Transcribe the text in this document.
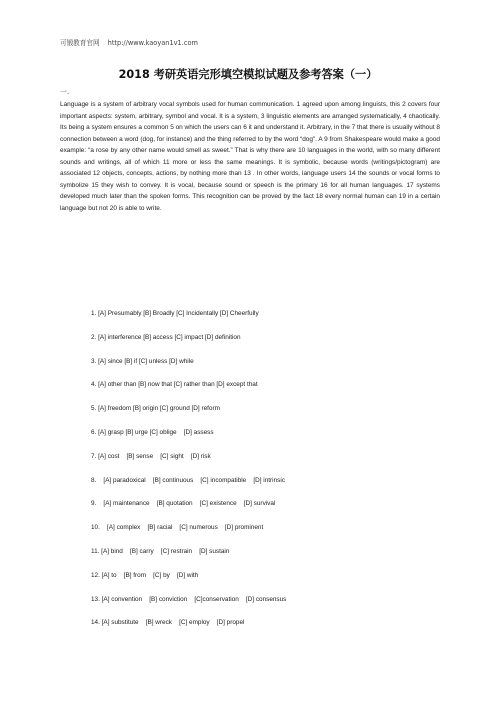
可锻教育官网 http://www.kaoyan1v1.com
2018 考研英语完形填空模拟试题及参考答案（一）
一.

Language is a system of arbitrary vocal symbols used for human communication. 1 agreed upon among linguists, this 2 covers four important aspects: system, arbitrary, symbol and vocal. It is a system, 3 linguistic elements are arranged systematically, 4 chaotically. Its being a system ensures a common 5 on which the users can 6 it and understand it. Arbitrary, in the 7 that there is usually without 8 connection between a word (dog, for instance) and the thing referred to by the word “dog”. A 9 from Shakespeare would make a good example: “a rose by any other name would smell as sweet.” That is why there are 10 languages in the world, with so many different sounds and writings, all of which 11 more or less the same meanings. It is symbolic, because words (writings/pictogram) are associated 12 objects, concepts, actions, by nothing more than 13 . In other words, language users 14 the sounds or vocal forms to symbolize 15 they wish to convey. It is vocal, because sound or speech is the primary 16 for all human languages. 17 systems developed much later than the spoken forms. This recognition can be proved by the fact 18 every normal human can 19 in a certain language but not 20 is able to write.

1. [A] Presumably [B] Broadly [C] Incidentally [D] Cheerfully
2. [A] interference [B] access [C] impact [D] definition
3. [A] since [B] if [C] unless [D] while
4. [A] other than [B] now that [C] rather than [D] except that
5. [A] freedom [B] origin [C] ground [D] reform
6. [A] grasp [B] urge [C] oblige    [D] assess
7. [A] cost    [B] sense    [C] sight    [D] risk
8.    [A] paradoxical    [B] continuous    [C] incompatible    [D] intrinsic
9.    [A] maintenance    [B] quotation    [C] existence    [D] survival
10.    [A] complex    [B] racial    [C] numerous    [D] prominent
11. [A] bind    [B] carry    [C] restrain    [D] sustain
12. [A] to    [B] from    [C] by    [D] with
13. [A] convention    [B] conviction    [C]conservation    [D] consensus
14. [A] substitute    [B] wreck    [C] employ    [D] propel
